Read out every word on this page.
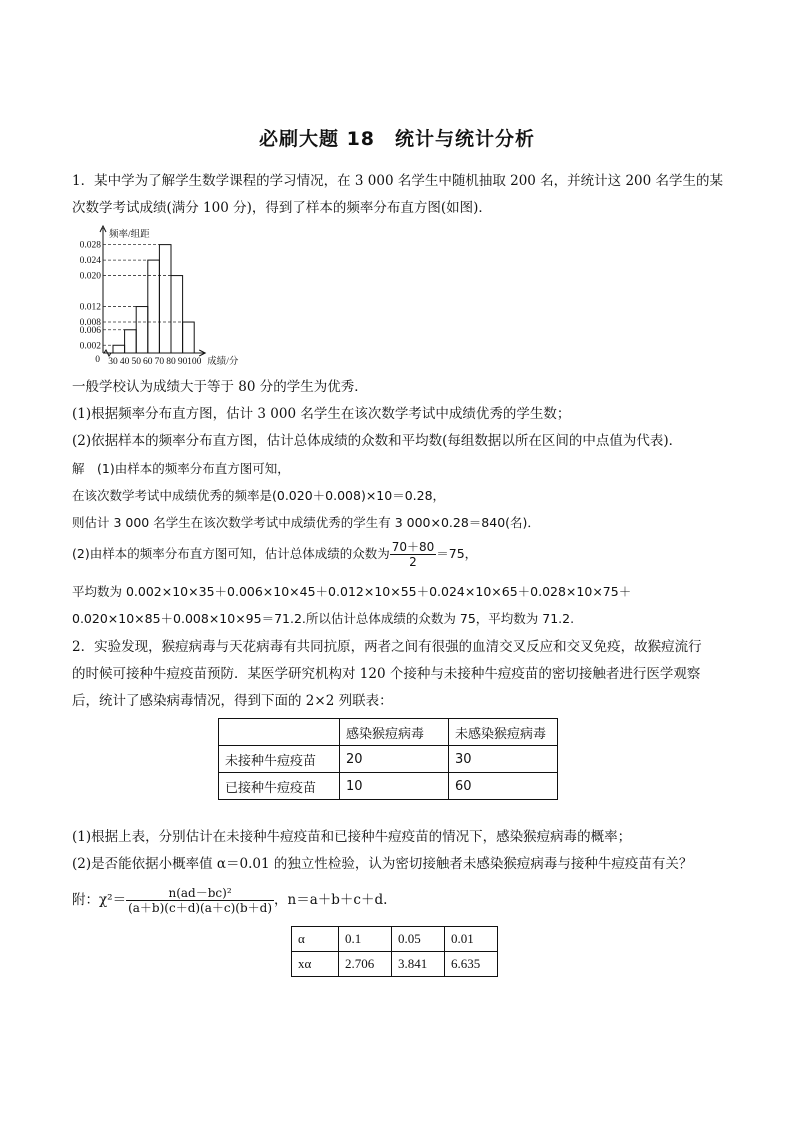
必刷大题 18　统计与统计分析
1．某中学为了解学生数学课程的学习情况，在 3 000 名学生中随机抽取 200 名，并统计这 200 名学生的某
次数学考试成绩(满分 100 分)，得到了样本的频率分布直方图(如图)．
0.002
0.006
0.008
0.012
0.020
0.024
0.028
30 40 50 60 70 80 90 100
0
频率/组距
成绩/分
一般学校认为成绩大于等于 80 分的学生为优秀．
(1)根据频率分布直方图，估计 3 000 名学生在该次数学考试中成绩优秀的学生数；
(2)依据样本的频率分布直方图，估计总体成绩的众数和平均数(每组数据以所在区间的中点值为代表)．
解　(1)由样本的频率分布直方图可知，
在该次数学考试中成绩优秀的频率是(0.020＋0.008)×10＝0.28，
则估计 3 000 名学生在该次数学考试中成绩优秀的学生有 3 000×0.28＝840(名)．
(2)由样本的频率分布直方图可知，估计总体成绩的众数为 $\frac{70+80}{2} =75$，
平均数为 0.002×10×35＋0.006×10×45＋0.012×10×55＋0.024×10×65＋0.028×10×75＋
0.020×10×85＋0.008×10×95＝71.2.所以估计总体成绩的众数为 75，平均数为 71.2.
2．实验发现，猴痘病毒与天花病毒有共同抗原，两者之间有很强的血清交叉反应和交叉免疫，故猴痘流行
的时候可接种牛痘疫苗预防．某医学研究机构对 120 个接种与未接种牛痘疫苗的密切接触者进行医学观察
后，统计了感染病毒情况，得到下面的 2×2 列联表：
	感染猴痘病毒	未感染猴痘病毒
未接种牛痘疫苗	20	30
已接种牛痘疫苗	10	60
(1)根据上表，分别估计在未接种牛痘疫苗和已接种牛痘疫苗的情况下，感染猴痘病毒的概率；
(2)是否能依据小概率值 α＝0.01 的独立性检验，认为密切接触者未感染猴痘病毒与接种牛痘疫苗有关？
附：$\chi^2= \frac{\text{n(ad－bc)²}}{(a+b)(c+d)(a+c)(b+d)}$ ，n＝a＋b＋c＋d.
α	0.1	0.05	0.01
xα	2.706	3.841	6.635
